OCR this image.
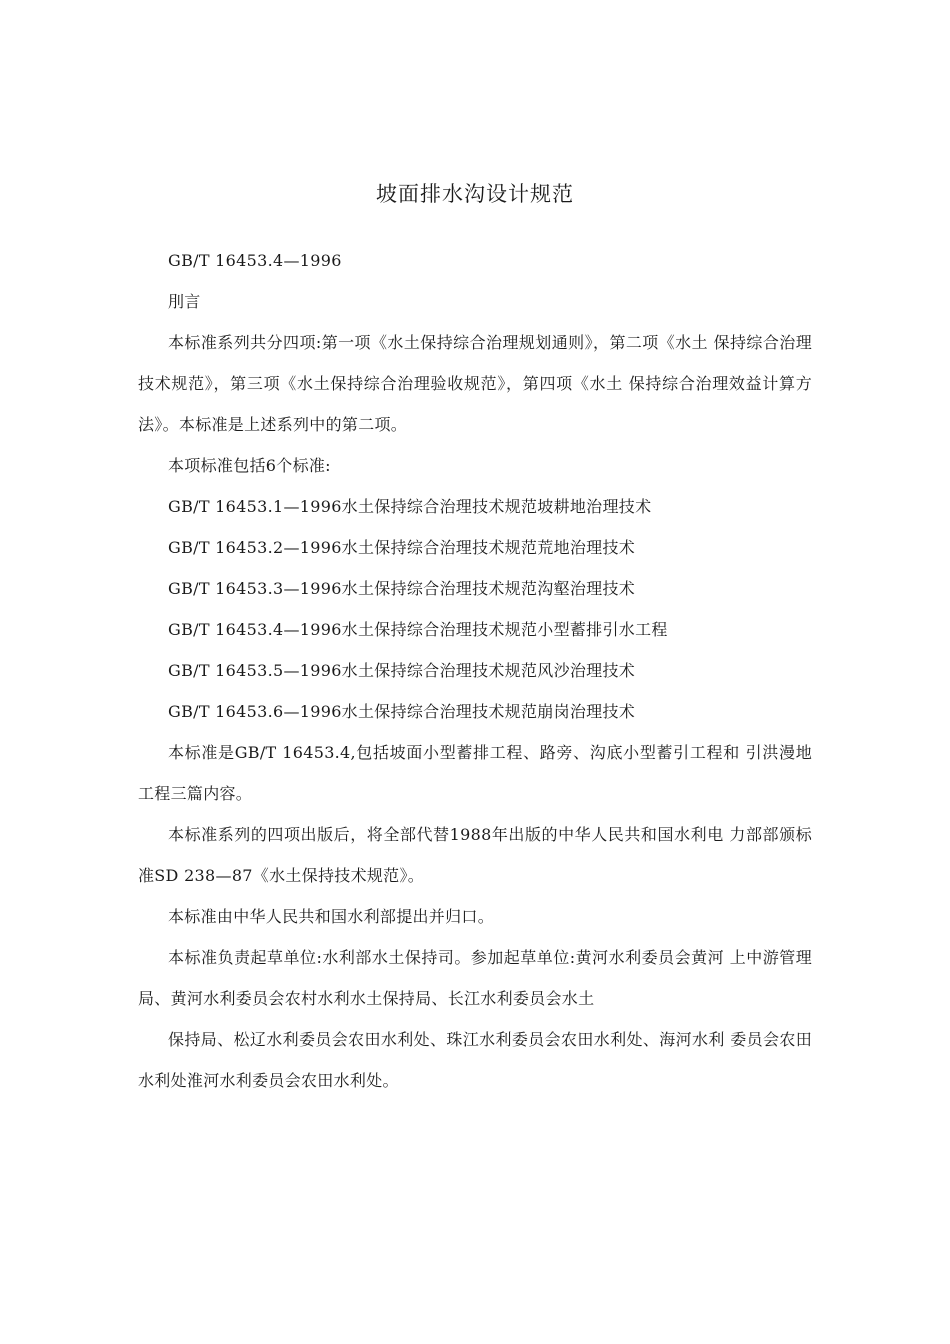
坡面排水沟设计规范

GB/T 16453.4—1996

刖言

本标准系列共分四项:第一项《水土保持综合治理规划通则》，第二项《水土 保持综合治理 技术规范》，第三项《水土保持综合治理验收规范》，第四项《水土 保持综合治理效益计算方法》。本标准是上述系列中的第二项。

本项标准包括6个标准:

GB/T 16453.1—1996水土保持综合治理技术规范坡耕地治理技术

GB/T 16453.2—1996水土保持综合治理技术规范荒地治理技术

GB/T 16453.3—1996水土保持综合治理技术规范沟壑治理技术

GB/T 16453.4—1996水土保持综合治理技术规范小型蓄排引水工程

GB/T 16453.5—1996水土保持综合治理技术规范风沙治理技术

GB/T 16453.6—1996水土保持综合治理技术规范崩岗治理技术

本标准是GB/T 16453.4,包括坡面小型蓄排工程、路旁、沟底小型蓄引工程和 引洪漫地工程三篇内容。

本标准系列的四项出版后，将全部代替1988年出版的中华人民共和国水利电 力部部颁标准SD 238—87《水土保持技术规范》。

本标准由中华人民共和国水利部提出并归口。

本标准负责起草单位:水利部水土保持司。参加起草单位:黄河水利委员会黄河 上中游管理局、黄河水利委员会农村水利水土保持局、长江水利委员会水土

保持局、松辽水利委员会农田水利处、珠江水利委员会农田水利处、海河水利 委员会农田水利处淮河水利委员会农田水利处。
